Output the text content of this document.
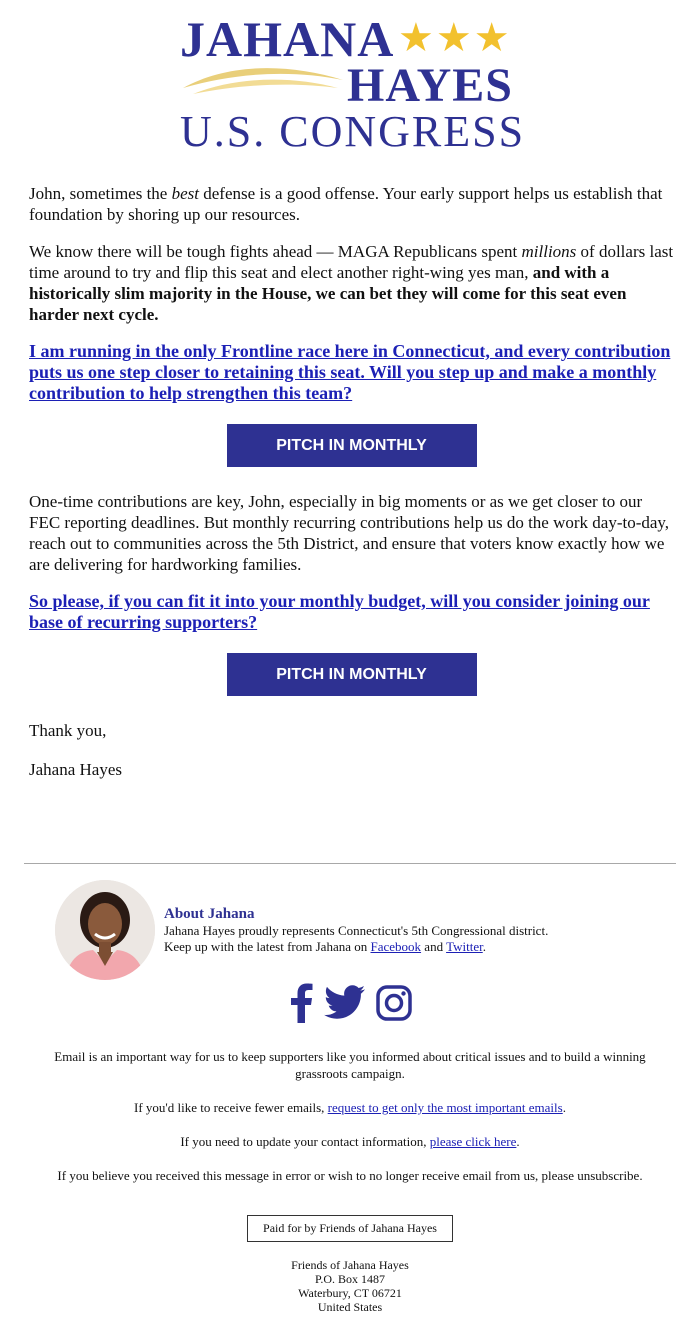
JAHANA ★★★
HAYES
U.S. CONGRESS

John, sometimes the best defense is a good offense. Your early support helps us establish that foundation by shoring up our resources.

We know there will be tough fights ahead — MAGA Republicans spent millions of dollars last time around to try and flip this seat and elect another right-wing yes man, and with a historically slim majority in the House, we can bet they will come for this seat even harder next cycle.

I am running in the only Frontline race here in Connecticut, and every contribution puts us one step closer to retaining this seat. Will you step up and make a monthly contribution to help strengthen this team?
PITCH IN MONTHLY

One-time contributions are key, John, especially in big moments or as we get closer to our FEC reporting deadlines. But monthly recurring contributions help us do the work day-to-day, reach out to communities across the 5th District, and ensure that voters know exactly how we are delivering for hardworking families.

So please, if you can fit it into your monthly budget, will you consider joining our base of recurring supporters?
PITCH IN MONTHLY

Thank you,

Jahana Hayes

About Jahana
Jahana Hayes proudly represents Connecticut's 5th Congressional district.
Keep up with the latest from Jahana on Facebook and Twitter.

Email is an important way for us to keep supporters like you informed about critical issues and to build a winning grassroots campaign.

If you'd like to receive fewer emails, request to get only the most important emails.

If you need to update your contact information, please click here.

If you believe you received this message in error or wish to no longer receive email from us, please unsubscribe.

Paid for by Friends of Jahana Hayes
Friends of Jahana Hayes
P.O. Box 1487
Waterbury, CT 06721
United States
